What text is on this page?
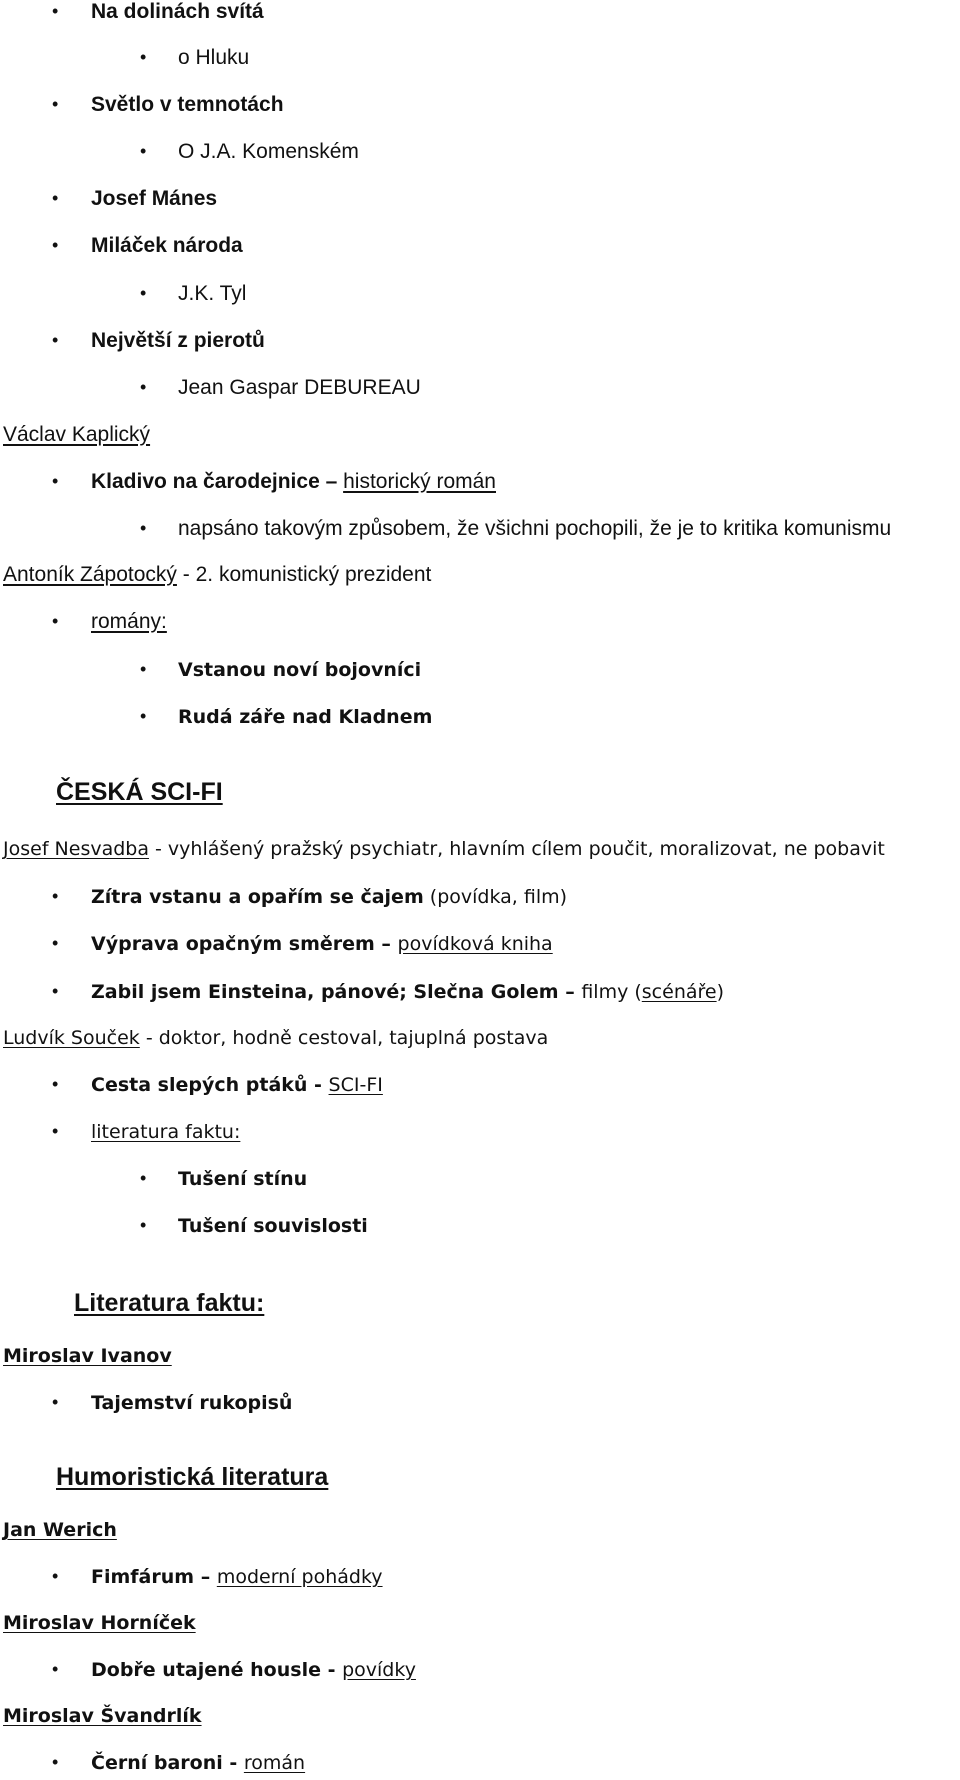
•
•
•
•
•
•
•
•
•
•
•
•
•
•
•
•
•
•
•
•
•
•
•
•
•
Na dolinách svítá
o Hluku
Světlo v temnotách
O J.A. Komenském
Josef Mánes
Miláček národa
J.K. Tyl
Největší z pierotů
Jean Gaspar DEBUREAU
Václav Kaplický
Kladivo na čarodejnice – historický román
napsáno takovým způsobem, že všichni pochopili, že je to kritika komunismu
Antoník Zápotocký - 2. komunistický prezident
romány:
Vstanou noví bojovníci
Rudá záře nad Kladnem
ČESKÁ SCI-FI
Josef Nesvadba - vyhlášený pražský psychiatr, hlavním cílem poučit, moralizovat, ne pobavit
Zítra vstanu a opařím se čajem (povídka, film)
Výprava opačným směrem – povídková kniha
Zabil jsem Einsteina, pánové; Slečna Golem – filmy (scénáře)
Ludvík Souček - doktor, hodně cestoval, tajuplná postava
Cesta slepých ptáků - SCI-FI
literatura faktu:
Tušení stínu
Tušení souvislosti
Literatura faktu:
Miroslav Ivanov
Tajemství rukopisů
Humoristická literatura
Jan Werich
Fimfárum – moderní pohádky
Miroslav Horníček
Dobře utajené housle - povídky
Miroslav Švandrlík
Černí baroni - román
